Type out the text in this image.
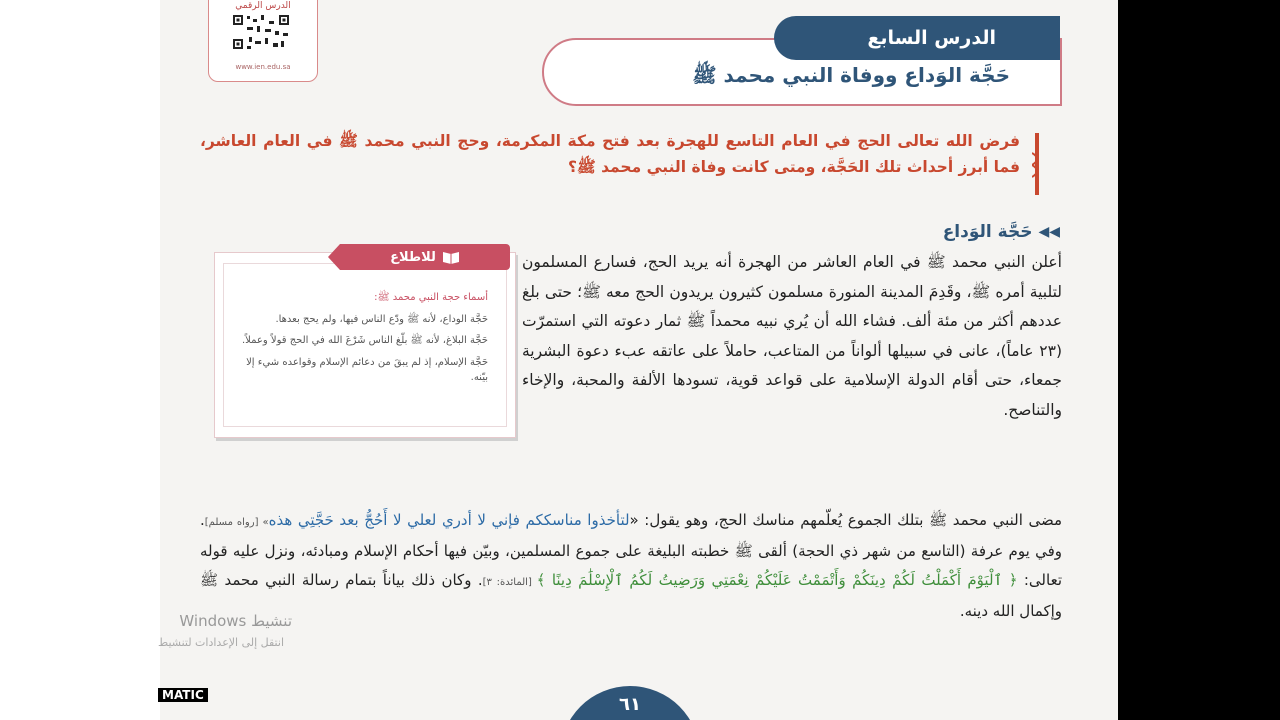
الدرس الرقمي
www.ien.edu.sa	حَجَّة الوَداع ووفاة النبي محمد ﷺ
الدرس السابع
فرض الله تعالى الحج في العام التاسع للهجرة بعد فتح مكة المكرمة، وحج النبي محمد ﷺ في العام العاشر، فما أبرز أحداث تلك الحَجَّة، ومتى كانت وفاة النبي محمد ﷺ؟
◀◀
حَجَّة الوَداع
أعلن النبي محمد ﷺ في العام العاشر من الهجرة أنه يريد الحج، فسارع المسلمون لتلبية أمره ﷺ، وقَدِمَ المدينة المنورة مسلمون كثيرون يريدون الحج معه ﷺ؛ حتى بلغ عددهم أكثر من مئة ألف. فشاء الله أن يُري نبيه محمداً ﷺ ثمار دعوته التي استمرّت (٢٣ عاماً)، عانى في سبيلها ألواناً من المتاعب، حاملاً على عاتقه عبء دعوة البشرية جمعاء، حتى أقام الدولة الإسلامية على قواعد قوية، تسودها الألفة والمحبة، والإخاء والتناصح.
للاطلاع
أسماء حجة النبي محمد ﷺ:
حَجَّة الوداع، لأنه ﷺ ودّع الناس فيها، ولم يحج بعدها.
حَجَّة البلاغ، لأنه ﷺ بلّغ الناس شَرْعَ الله في الحج قولاً وعملاً.
حَجَّة الإسلام، إذ لم يبقَ من دعائم الإسلام وقواعده شيء إلا بيّنه.
مضى النبي محمد ﷺ بتلك الجموع يُعلّمهم مناسك الحج، وهو يقول: «لتأخذوا مناسككم فإني لا أدري لعلي لا أَحُجُّ بعد حَجَّتِي هذه» [رواه مسلم]. وفي يوم عرفة (التاسع من شهر ذي الحجة) ألقى ﷺ خطبته البليغة على جموع المسلمين، وبيّن فيها أحكام الإسلام ومبادئه، ونزل عليه قوله تعالى: ﴿ ٱلْيَوْمَ أَكْمَلْتُ لَكُمْ دِينَكُمْ وَأَتْمَمْتُ عَلَيْكُمْ نِعْمَتِي وَرَضِيتُ لَكُمُ ٱلْإِسْلَٰمَ دِينًا ﴾ [المائدة: ٣]. وكان ذلك بياناً بتمام رسالة النبي محمد ﷺ وإكمال الله دينه.
٦١
تنشيط Windows
انتقل إلى الإعدادات لتنشيط
MATIC
